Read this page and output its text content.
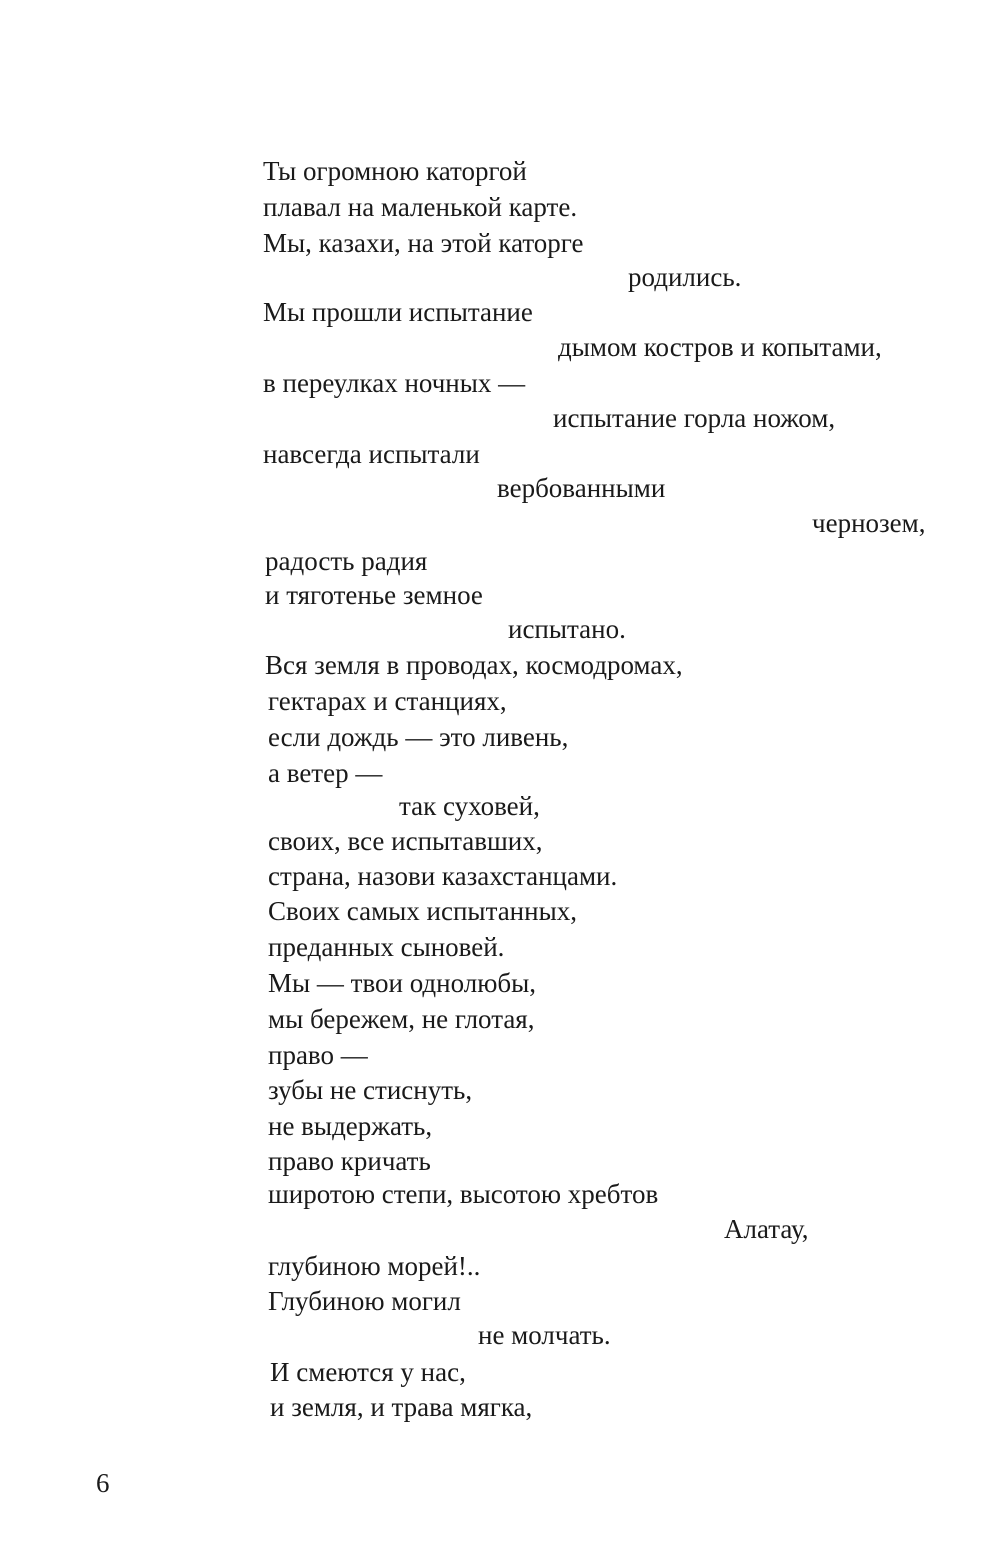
Ты огромною каторгой
плавал на маленькой карте.
Мы, казахи, на этой каторге
родились.
Мы прошли испытание
дымом костров и копытами,
в переулках ночных —
испытание горла ножом,
навсегда испытали
вербованными
чернозем,
радость радия
и тяготенье земное
испытано.
Вся земля в проводах, космодромах,
гектарах и станциях,
если дождь — это ливень,
а ветер —
так суховей,
своих, все испытавших,
страна, назови казахстанцами.
Своих самых испытанных,
преданных сыновей.
Мы — твои однолюбы,
мы бережем, не глотая,
право —
зубы не стиснуть,
не выдержать,
право кричать
широтою степи, высотою хребтов
Алатау,
глубиною морей!..
Глубиною могил
не молчать.
И смеются у нас,
и земля, и трава мягка,
6
